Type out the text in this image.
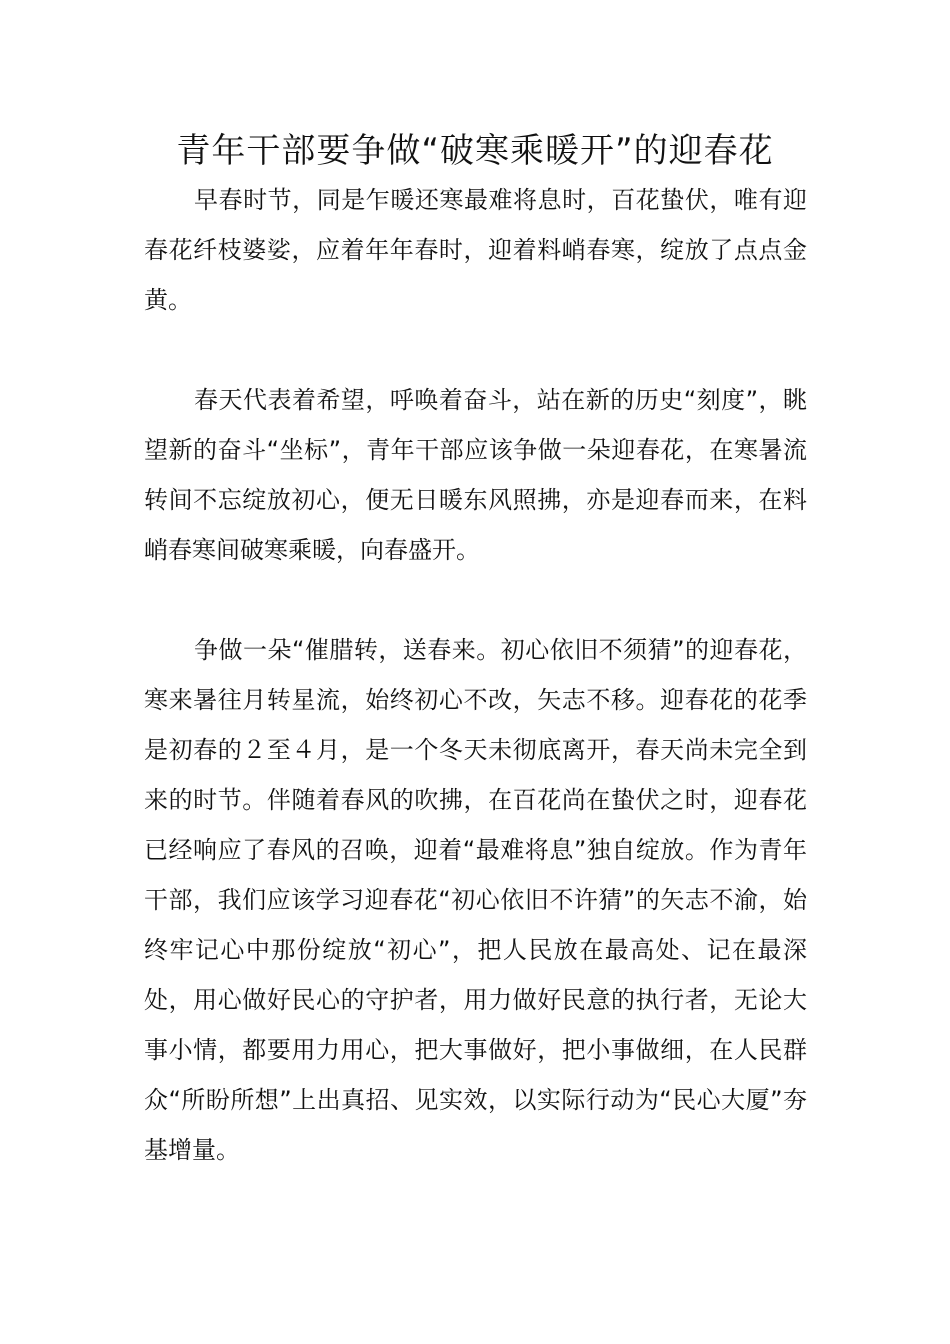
青年干部要争做“破寒乘暖开”的迎春花

早春时节，同是乍暖还寒最难将息时，百花蛰伏，唯有迎春花纤枝婆娑，应着年年春时，迎着料峭春寒，绽放了点点金黄。

春天代表着希望，呼唤着奋斗，站在新的历史“刻度”，眺望新的奋斗“坐标”，青年干部应该争做一朵迎春花，在寒暑流转间不忘绽放初心，便无日暖东风照拂，亦是迎春而来，在料峭春寒间破寒乘暖，向春盛开。

争做一朵“催腊转，送春来。初心依旧不须猜”的迎春花，寒来暑往月转星流，始终初心不改，矢志不移。迎春花的花季是初春的２至４月，是一个冬天未彻底离开，春天尚未完全到来的时节。伴随着春风的吹拂，在百花尚在蛰伏之时，迎春花已经响应了春风的召唤，迎着“最难将息”独自绽放。作为青年干部，我们应该学习迎春花“初心依旧不许猜”的矢志不渝，始终牢记心中那份绽放“初心”，把人民放在最高处、记在最深处，用心做好民心的守护者，用力做好民意的执行者，无论大事小情，都要用力用心，把大事做好，把小事做细，在人民群众“所盼所想”上出真招、见实效，以实际行动为“民心大厦”夯基增量。
